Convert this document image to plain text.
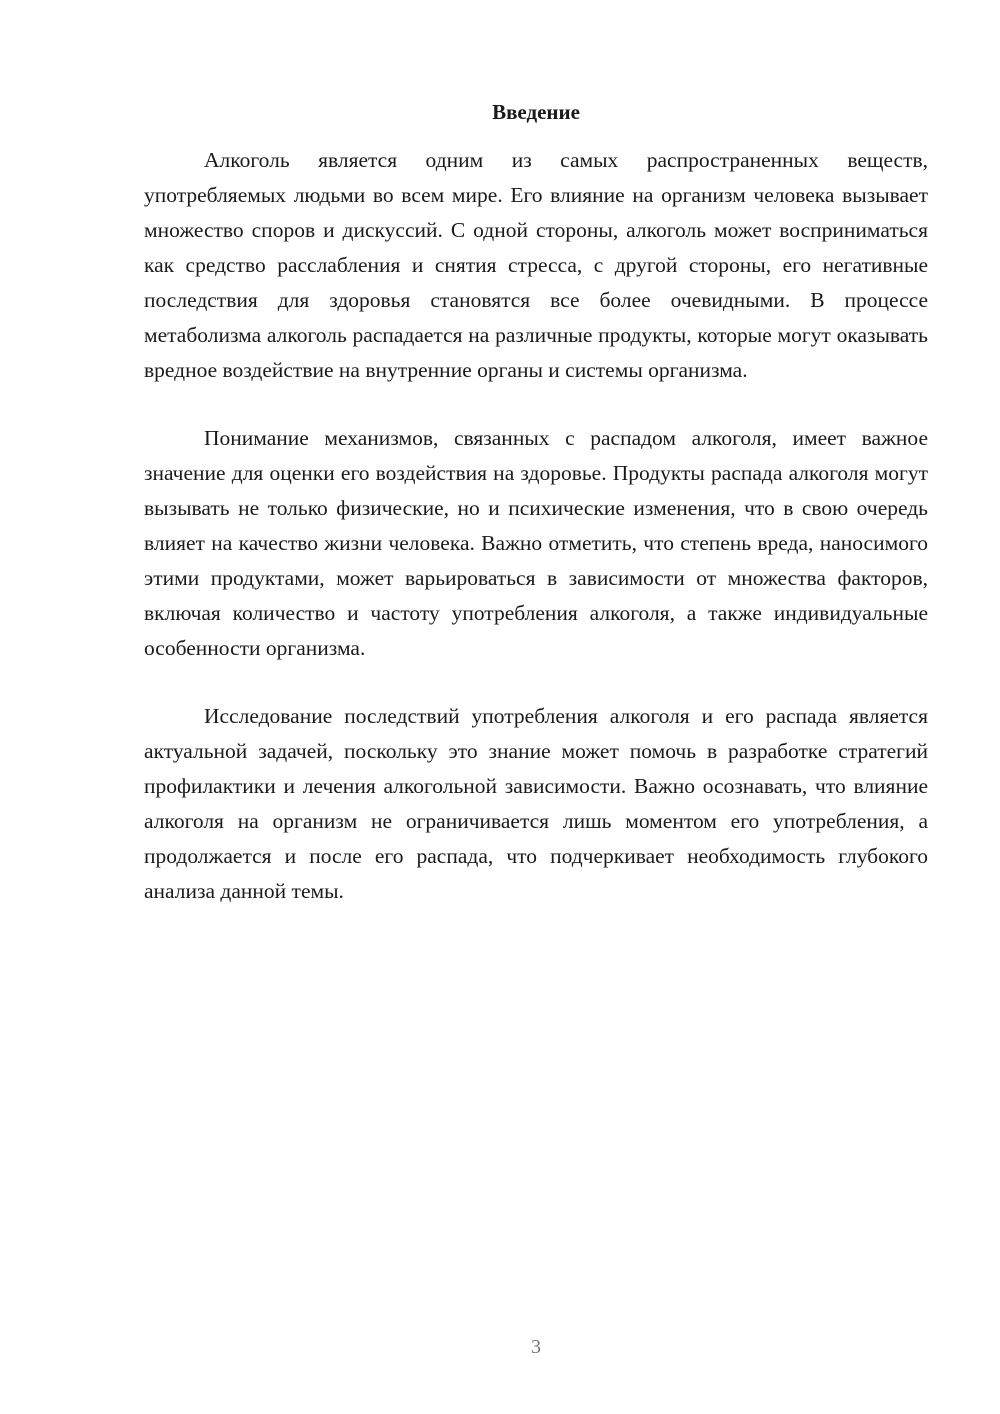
Введение

Алкоголь является одним из самых распространенных веществ, употребляемых людьми во всем мире. Его влияние на организм человека вызывает множество споров и дискуссий. С одной стороны, алкоголь может восприниматься как средство расслабления и снятия стресса, с другой стороны, его негативные последствия для здоровья становятся все более очевидными. В процессе метаболизма алкоголь распадается на различные продукты, которые могут оказывать вредное воздействие на внутренние органы и системы организма.

Понимание механизмов, связанных с распадом алкоголя, имеет важное значение для оценки его воздействия на здоровье. Продукты распада алкоголя могут вызывать не только физические, но и психические изменения, что в свою очередь влияет на качество жизни человека. Важно отметить, что степень вреда, наносимого этими продуктами, может варьироваться в зависимости от множества факторов, включая количество и частоту употребления алкоголя, а также индивидуальные особенности организма.

Исследование последствий употребления алкоголя и его распада является актуальной задачей, поскольку это знание может помочь в разработке стратегий профилактики и лечения алкогольной зависимости. Важно осознавать, что влияние алкоголя на организм не ограничивается лишь моментом его употребления, а продолжается и после его распада, что подчеркивает необходимость глубокого анализа данной темы.

3
